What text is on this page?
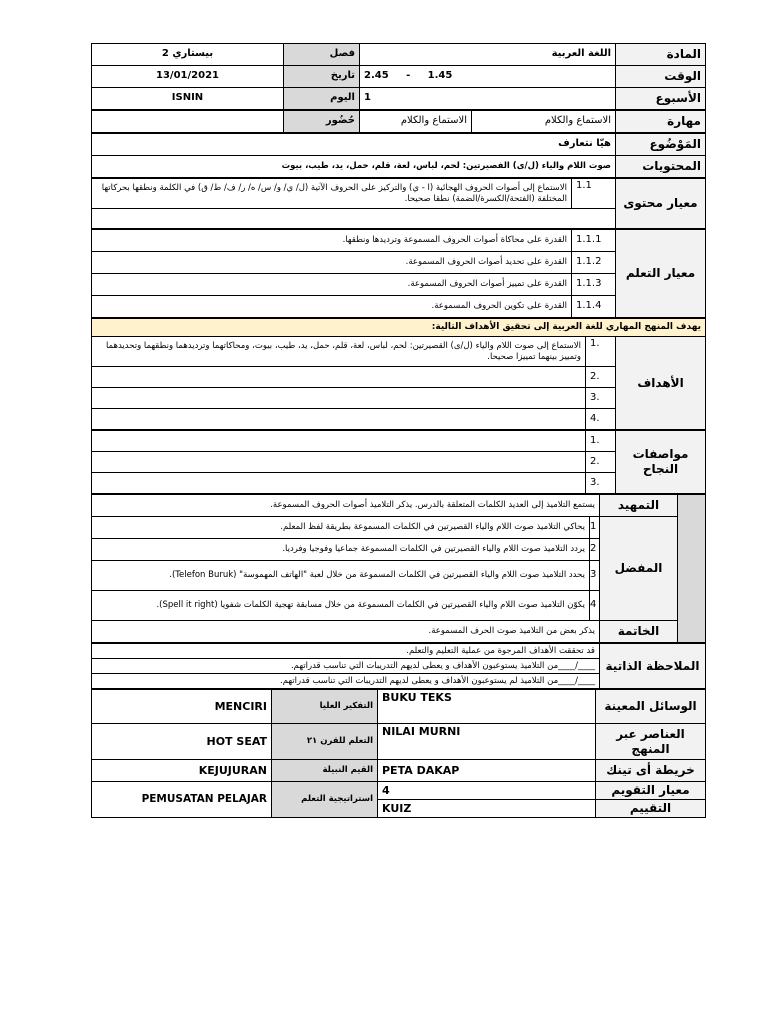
2 بيستاري	فصل	اللغة العربية	المادة
13/01/2021	تاريخ	2.45     -     1.45	الوقت
ISNIN	اليوم	1	الأسبوع
	حُضُور	الاستماع والكلام	الاستماع والكلام	مهارة
هيّا نتعارف	المَوْضُوع
صوت اللام والياء (ل/ى) الفصيرتين: لحم، لباس، لعة، قلم، حمل، يد، طيب، بيوت	المحتويات
الاستماع إلى أصوات الحروف الهجائية (ا - ي) والتركيز على الحروف الآتية (ل/ ي/ و/ س/ ه/ ر/ ف/ ط/ ق) في الكلمة ونطقها بحركاتها المختلفة (الفتحة/الكسرة/الضمة) نطقا صحيحا.	1.1	معيار محتوى

القدرة على محاكاة أصوات الحروف المسموعة وترديدها ونطقها.	1.1.1	معيار التعلم
القدرة على تحديد أصوات الحروف المسموعة.	1.1.2	
القدرة على تمييز أصوات الحروف المسموعة.	1.1.3	
القدرة على تكوين الحروف المسموعة.	1.1.4	
يهدف المنهج المهاري للغة العربية إلى تحقيق الأهداف التالية:		
الاستماع إلى صوت اللام والياء (ل/ى) القصيرتين: لحم، لباس، لعة، قلم، حمل، يد، طيب، بيوت، ومحاكاتهما وترديدهما ونطقهما وتحديدهما وتمييز بينهما تمييزا صحيحا.	1.	الأهداف
	2.	
	3.	
	4.	
	1.	مواصفات النجاح
	2.	
	3.	
يستمع التلاميذ إلى العديد الكلمات المتعلقة بالدرس. يذكر التلاميذ أصوات الحروف المسموعة.		التمهيد	
يحاكي التلاميذ صوت اللام والياء القصيرتين في الكلمات المسموعة بطريقة لفظ المعلم.	1	المفضل	
يردد التلاميذ صوت اللام والياء القصيرتين في الكلمات المسموعة جماعيا وفوجيا وفرديا.	2		
يحدد التلاميذ صوت اللام والياء القصيرتين في الكلمات المسموعة من خلال لعبة "الهاتف المهموسة" (Telefon Buruk).	3		
يكوّن التلاميذ صوت اللام والياء القصيرتين في الكلمات المسموعة من خلال مسابقة تهجية الكلمات شفويا (Spell it right).	4		
يذكر بعض من التلاميذ صوت الحرف المسموعة.		الخاتمة	
قد تحققت الأهداف المرجوة من عملية التعليم والتعلم.	الملاحظة الذاتية
____/____من التلاميذ يستوعبون الأهداف و يعطى لديهم التدريبات التي تناسب قدراتهم.
____/____من التلاميذ لم يستوعبون الأهداف و يعطى لديهم التدريبات التي تناسب قدراتهم.
MENCIRI	التفكير العليا	BUKU TEKS	الوسائل المعينة
HOT SEAT	التعلم للقرن ٢١	NILAI MURNI	العناصر عبر المنهج
KEJUJURAN	القيم النبيلة	PETA DAKAP	خريطة أى تينك
PEMUSATAN PELAJAR	استراتيجية التعلم	4	معيار التقويم
		KUIZ	التقييم
